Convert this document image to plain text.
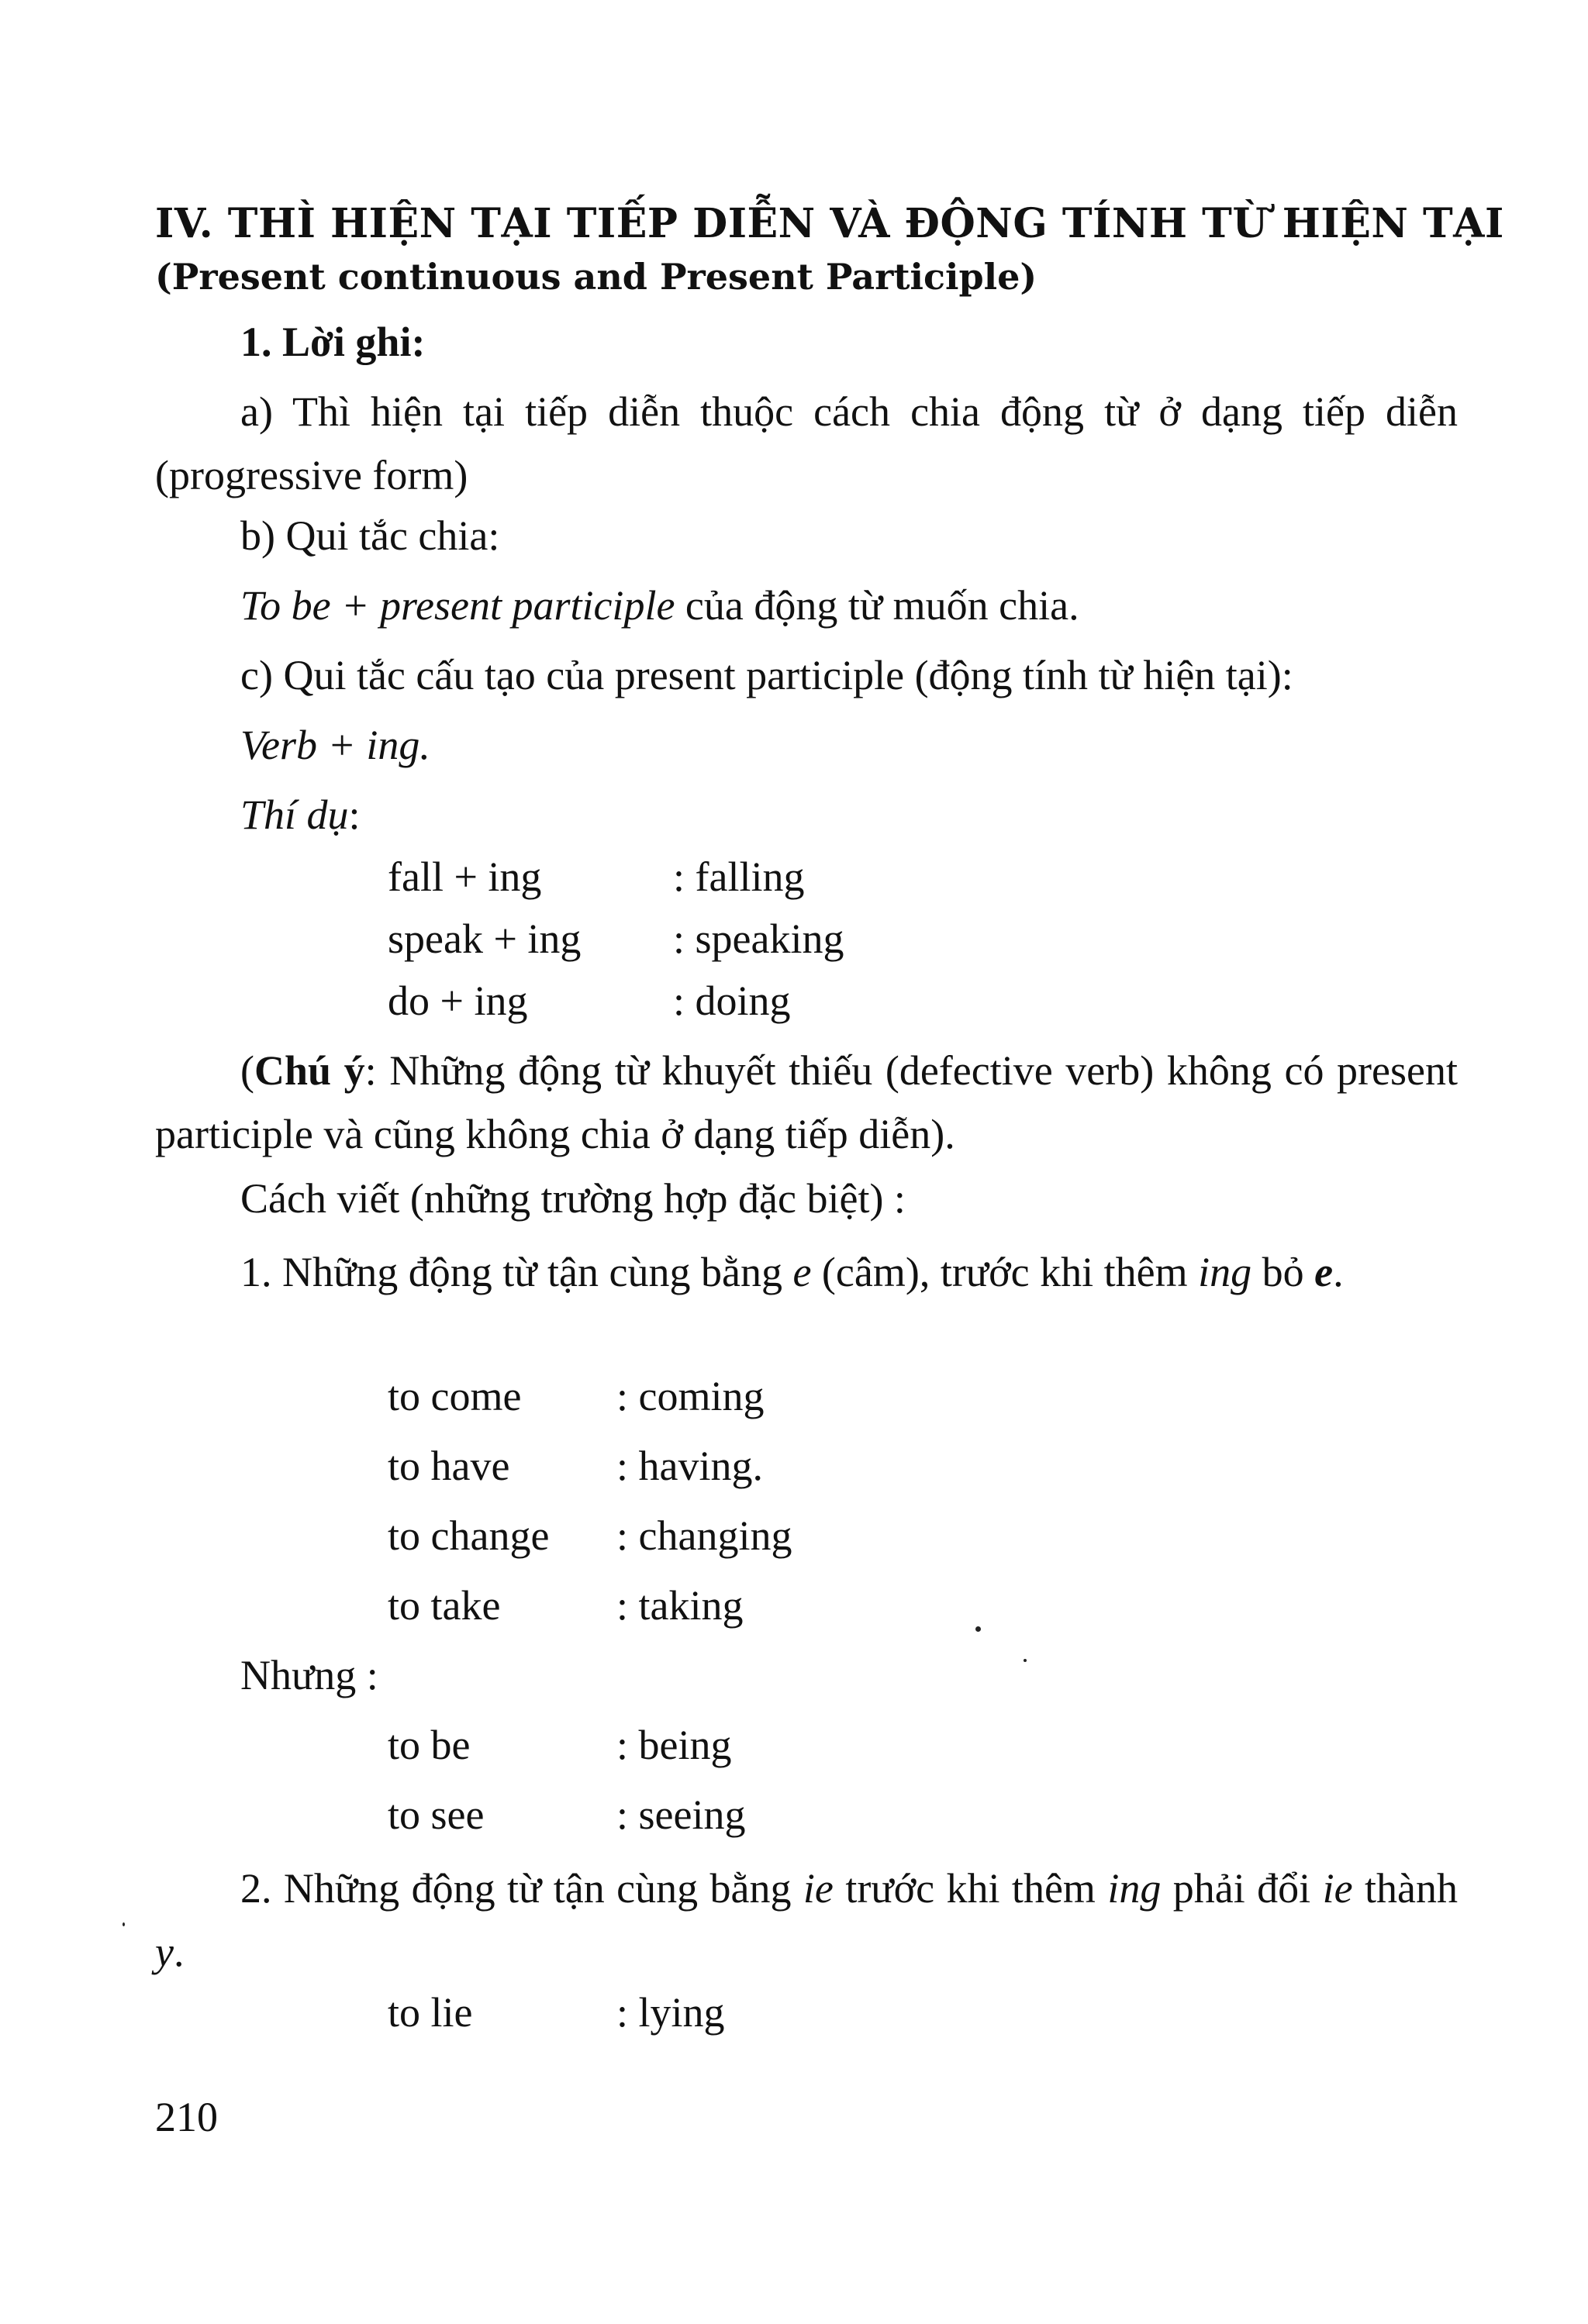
IV. THÌ HIỆN TẠI TIẾP DIỄN VÀ ĐỘNG TÍNH TỪ HIỆN TẠI
(Present continuous and Present Participle)
1. Lời ghi:
a) Thì hiện tại tiếp diễn thuộc cách chia động từ ở dạng tiếp diễn (progressive form)
b) Qui tắc chia:
To be + present participle của động từ muốn chia.
c) Qui tắc cấu tạo của present participle (động tính từ hiện tại):
Verb + ing.
Thí dụ:
fall + ing	: falling
speak + ing : speaking
do + ing	: doing
(Chú ý: Những động từ khuyết thiếu (defective verb) không có present participle và cũng không chia ở dạng tiếp diễn).
Cách viết (những trường hợp đặc biệt) :
1. Những động từ tận cùng bằng e (câm), trước khi thêm ing bỏ e.
to come : coming
to have	: having.
to change : changing
to take	: taking
Nhưng :
to be	: being
to see	: seeing
2. Những động từ tận cùng bằng ie trước khi thêm ing phải đổi ie thành y.
to lie	: lying
210
